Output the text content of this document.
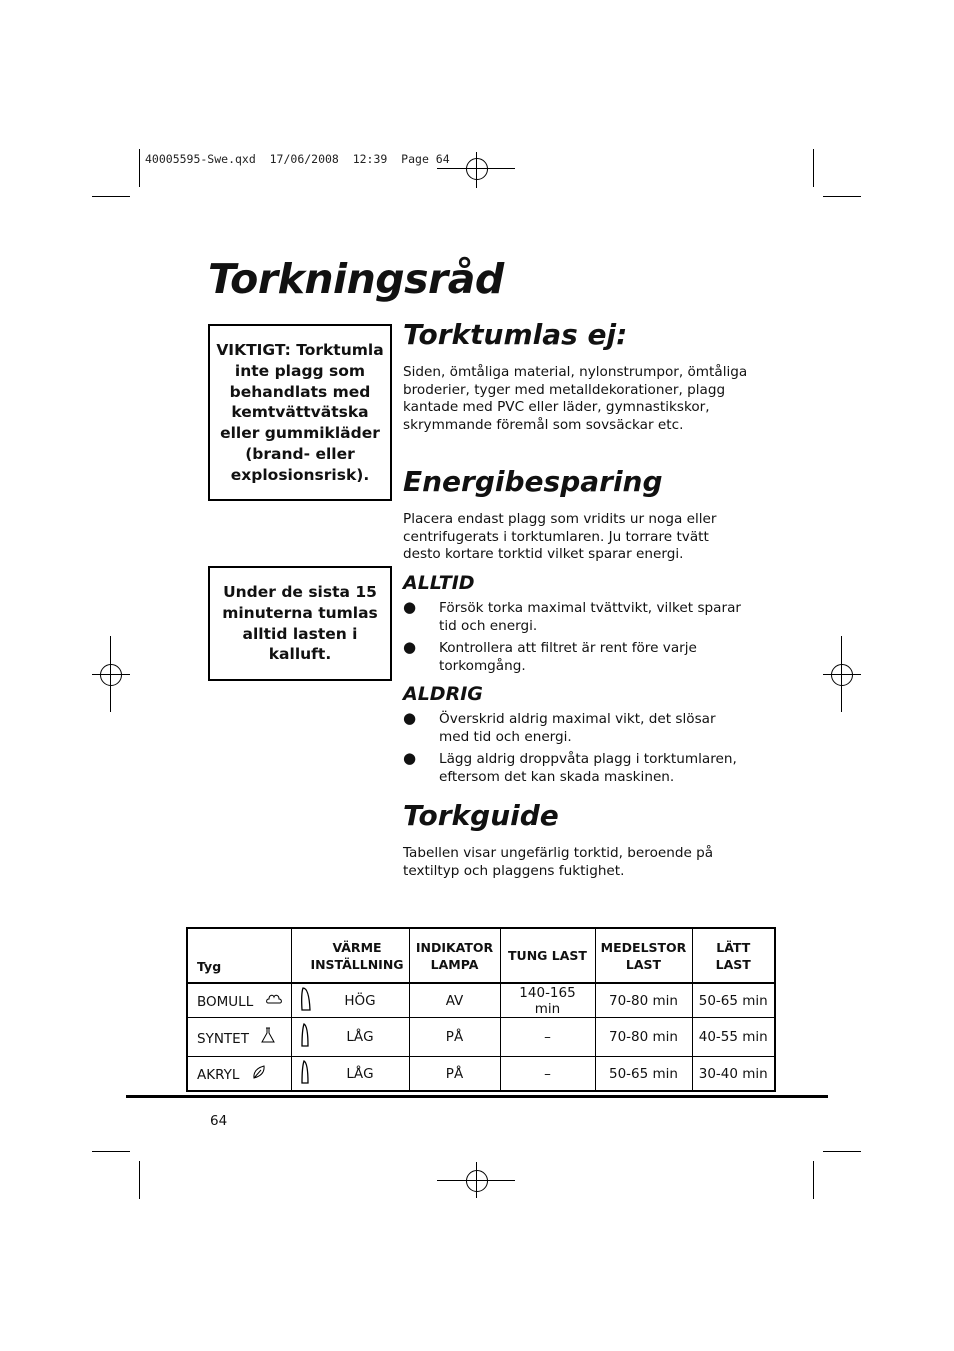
40005595-Swe.qxd  17/06/2008  12:39  Page 64
Torkningsråd
VIKTIGT: Torktumla inte plagg som behandlats med kemtvättvätska eller gummikläder (brand- eller explosionsrisk).
Under de sista 15 minuterna tumlas alltid lasten i kalluft.
Torktumlas ej:

Siden, ömtåliga material, nylonstrumpor, ömtåliga broderier, tyger med metalldekorationer, plagg kantade med PVC eller läder, gymnastikskor, skrymmande föremål som sovsäckar etc.

Energibesparing

Placera endast plagg som vridits ur noga eller centrifugerats i torktumlaren. Ju torrare tvätt desto kortare torktid vilket sparar energi.

ALLTID
● Försök torka maximal tvättvikt, vilket sparar tid och energi.
● Kontrollera att filtret är rent före varje torkomgång.
ALDRIG
● Överskrid aldrig maximal vikt, det slösar med tid och energi.
● Lägg aldrig droppvåta plagg i torktumlaren, eftersom det kan skada maskinen.
Torkguide

Tabellen visar ungefärlig torktid, beroende på textiltyp och plaggens fuktighet.

Tyg	VÄRME INSTÄLLNING	INDIKATOR LAMPA	TUNG LAST	MEDELSTOR LAST	LÄTT LAST
BOMULL	HÖG	AV	140-165 min	70-80 min	50-65 min
SYNTET	LÅG	PÅ	–	70-80 min	40-55 min
AKRYL	LÅG	PÅ	–	50-65 min	30-40 min
64
